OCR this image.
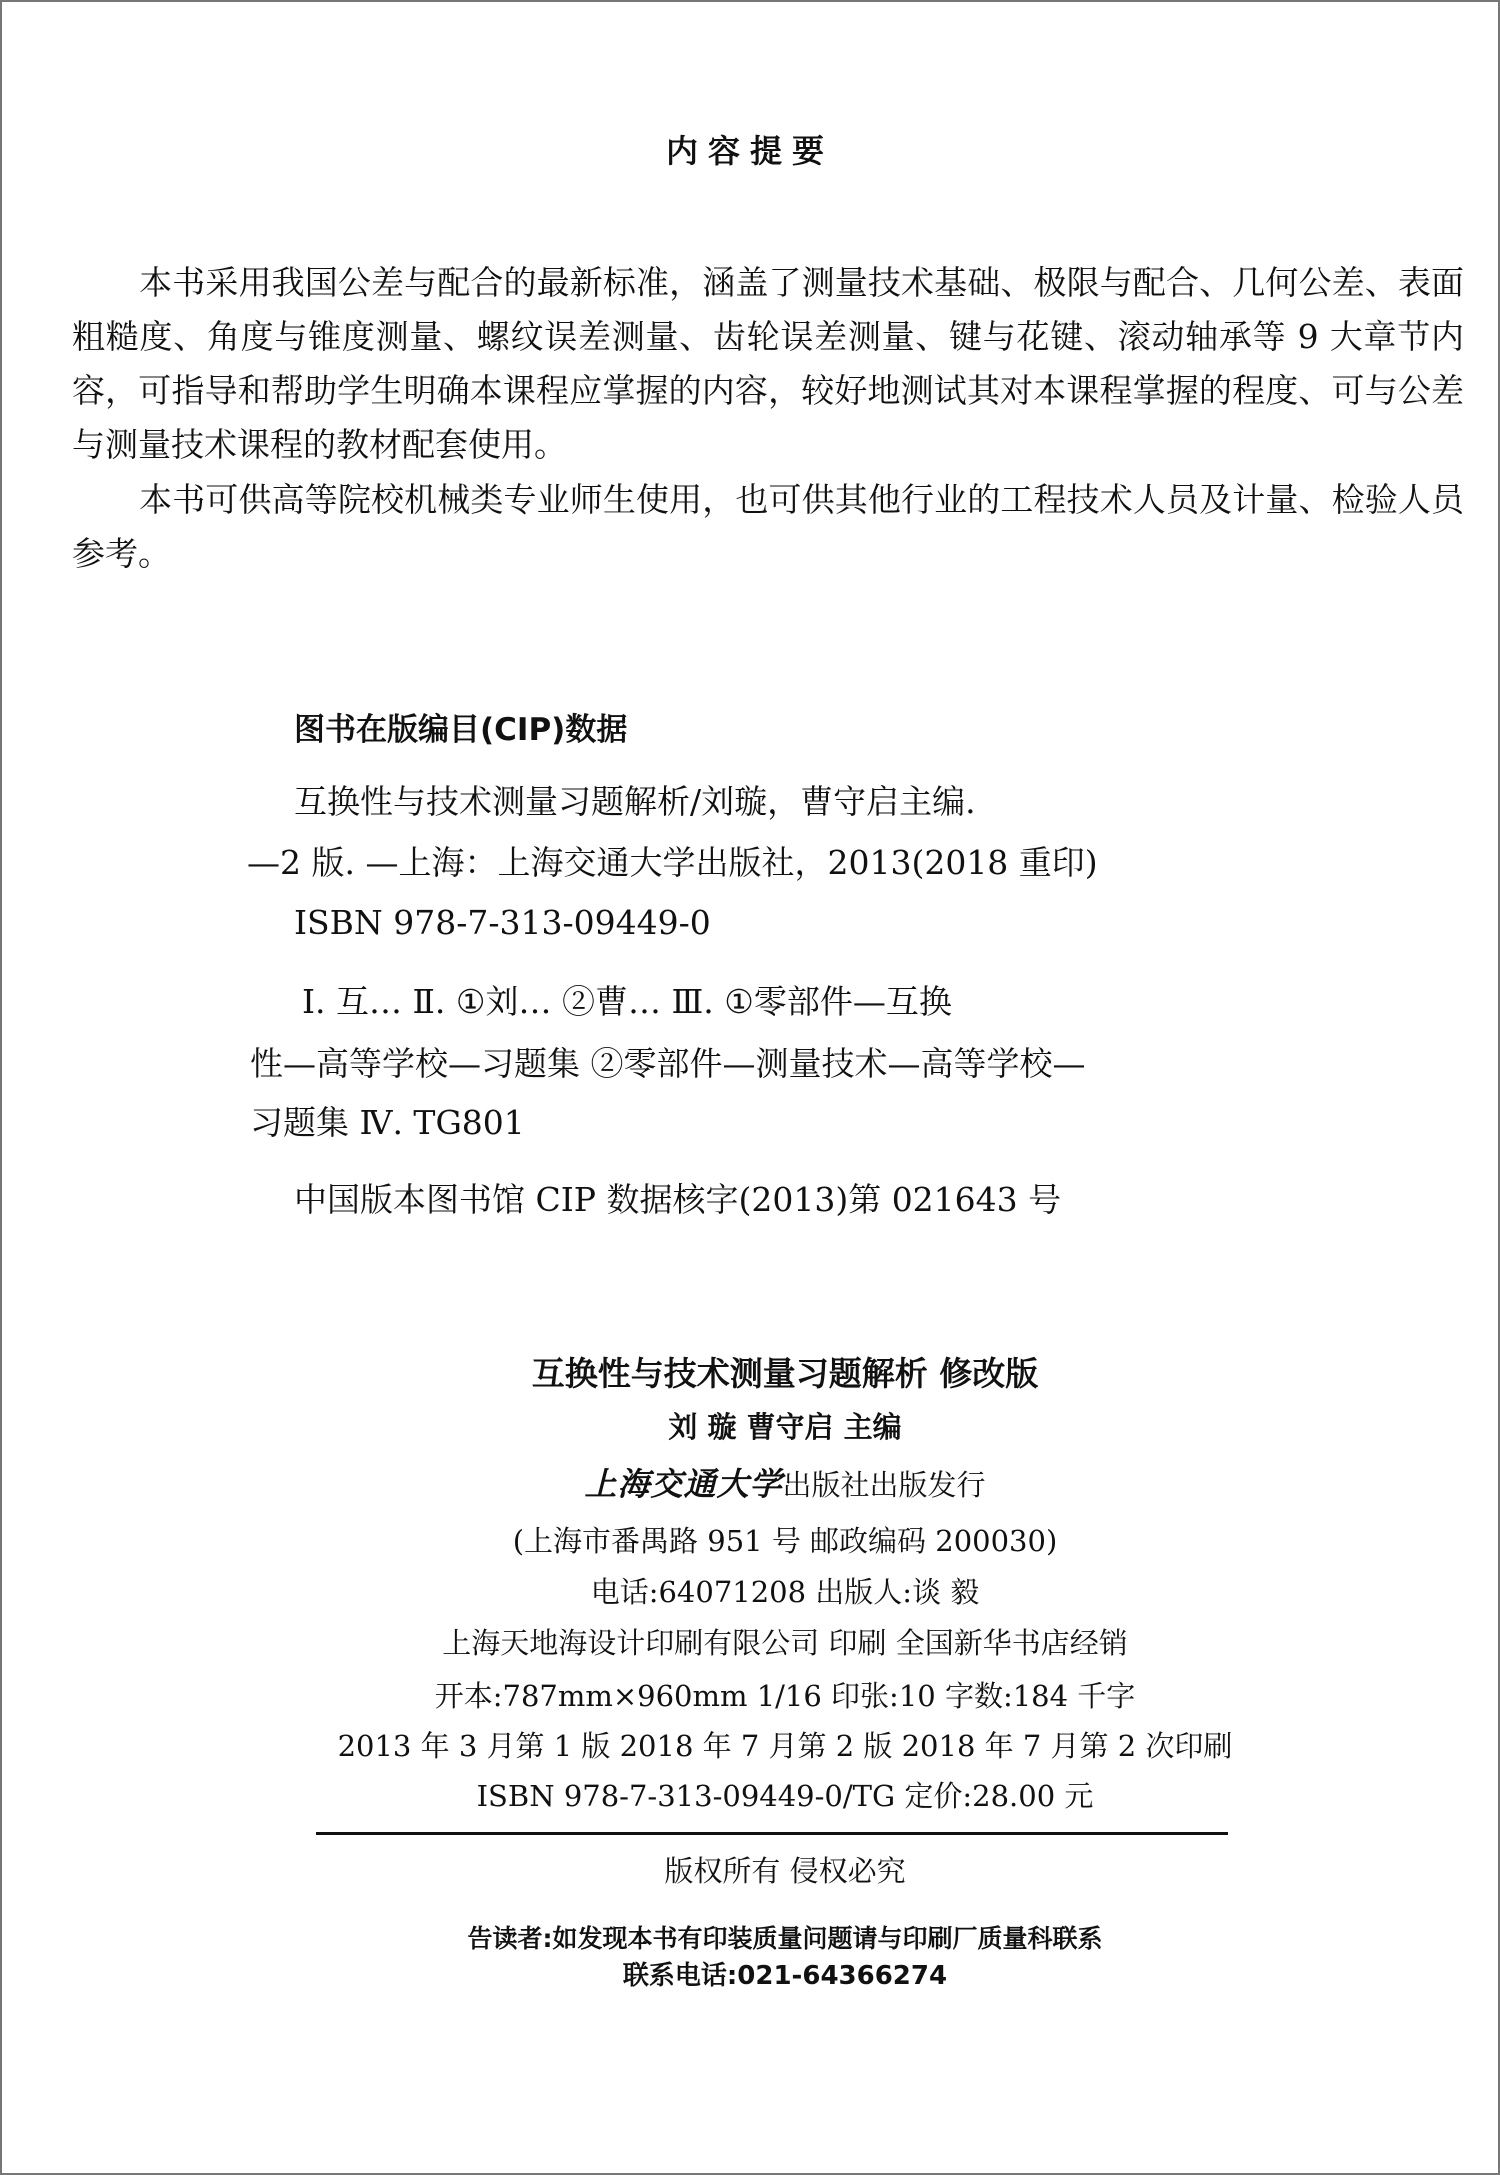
内容提要
本书采用我国公差与配合的最新标准，涵盖了测量技术基础、极限与配合、几何公差、表面粗糙度、角度与锥度测量、螺纹误差测量、齿轮误差测量、键与花键、滚动轴承等 9 大章节内容，可指导和帮助学生明确本课程应掌握的内容，较好地测试其对本课程掌握的程度、可与公差与测量技术课程的教材配套使用。
本书可供高等院校机械类专业师生使用，也可供其他行业的工程技术人员及计量、检验人员参考。
图书在版编目(CIP)数据
互换性与技术测量习题解析/刘璇，曹守启主编.
—2 版. —上海：上海交通大学出版社，2013(2018 重印)
ISBN 978-7-313-09449-0
Ⅰ. 互… Ⅱ. ①刘… ②曹… Ⅲ. ①零部件—互换
性—高等学校—习题集 ②零部件—测量技术—高等学校—
习题集 Ⅳ. TG801
中国版本图书馆 CIP 数据核字(2013)第 021643 号
互换性与技术测量习题解析 修改版
刘 璇 曹守启 主编
上海交通大学出版社出版发行
(上海市番禺路 951 号 邮政编码 200030)
电话:64071208 出版人:谈 毅
上海天地海设计印刷有限公司 印刷 全国新华书店经销
开本:787mm×960mm 1/16 印张:10 字数:184 千字
2013 年 3 月第 1 版 2018 年 7 月第 2 版 2018 年 7 月第 2 次印刷
ISBN 978-7-313-09449-0/TG 定价:28.00 元
版权所有 侵权必究
告读者:如发现本书有印装质量问题请与印刷厂质量科联系
联系电话:021-64366274
